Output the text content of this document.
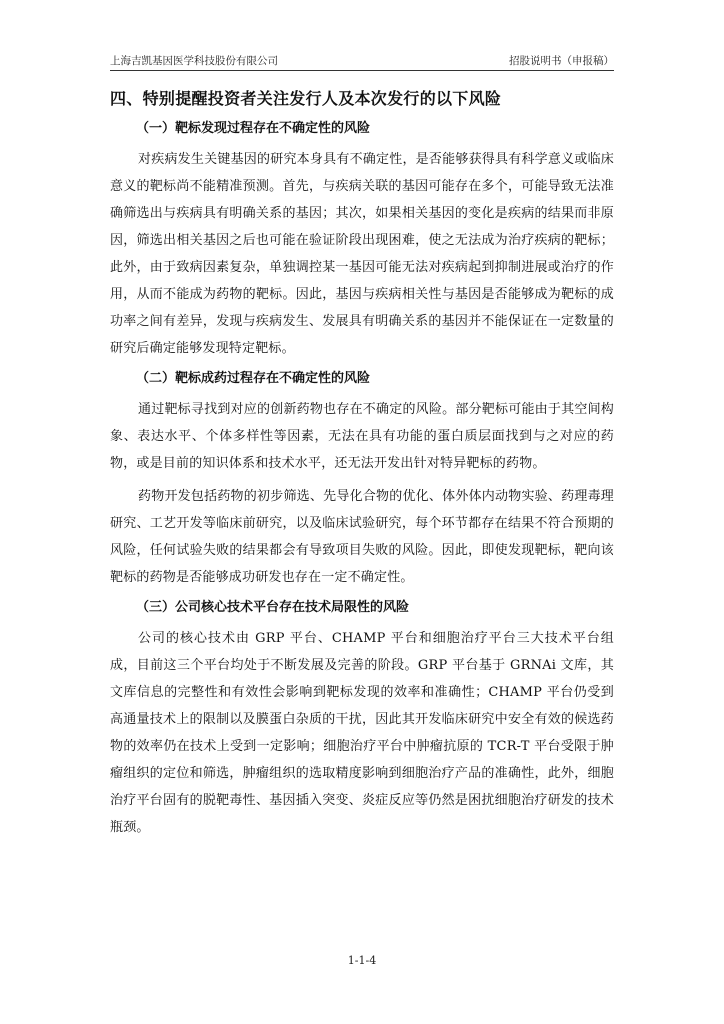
上海吉凯基因医学科技股份有限公司	招股说明书（申报稿）
四、特别提醒投资者关注发行人及本次发行的以下风险
（一）靶标发现过程存在不确定性的风险

对疾病发生关键基因的研究本身具有不确定性，是否能够获得具有科学意义或临床意义的靶标尚不能精准预测。首先，与疾病关联的基因可能存在多个，可能导致无法准确筛选出与疾病具有明确关系的基因；其次，如果相关基因的变化是疾病的结果而非原因，筛选出相关基因之后也可能在验证阶段出现困难，使之无法成为治疗疾病的靶标；此外，由于致病因素复杂，单独调控某一基因可能无法对疾病起到抑制进展或治疗的作用，从而不能成为药物的靶标。因此，基因与疾病相关性与基因是否能够成为靶标的成功率之间有差异，发现与疾病发生、发展具有明确关系的基因并不能保证在一定数量的研究后确定能够发现特定靶标。

（二）靶标成药过程存在不确定性的风险

通过靶标寻找到对应的创新药物也存在不确定的风险。部分靶标可能由于其空间构象、表达水平、个体多样性等因素，无法在具有功能的蛋白质层面找到与之对应的药物，或是目前的知识体系和技术水平，还无法开发出针对特异靶标的药物。

药物开发包括药物的初步筛选、先导化合物的优化、体外体内动物实验、药理毒理研究、工艺开发等临床前研究，以及临床试验研究，每个环节都存在结果不符合预期的风险，任何试验失败的结果都会有导致项目失败的风险。因此，即使发现靶标，靶向该靶标的药物是否能够成功研发也存在一定不确定性。

（三）公司核心技术平台存在技术局限性的风险

公司的核心技术由 GRP 平台、CHAMP 平台和细胞治疗平台三大技术平台组成，目前这三个平台均处于不断发展及完善的阶段。GRP 平台基于 GRNAi 文库，其文库信息的完整性和有效性会影响到靶标发现的效率和准确性；CHAMP 平台仍受到高通量技术上的限制以及膜蛋白杂质的干扰，因此其开发临床研究中安全有效的候选药物的效率仍在技术上受到一定影响；细胞治疗平台中肿瘤抗原的 TCR-T 平台受限于肿瘤组织的定位和筛选，肿瘤组织的选取精度影响到细胞治疗产品的准确性，此外，细胞治疗平台固有的脱靶毒性、基因插入突变、炎症反应等仍然是困扰细胞治疗研发的技术瓶颈。

1-1-4
